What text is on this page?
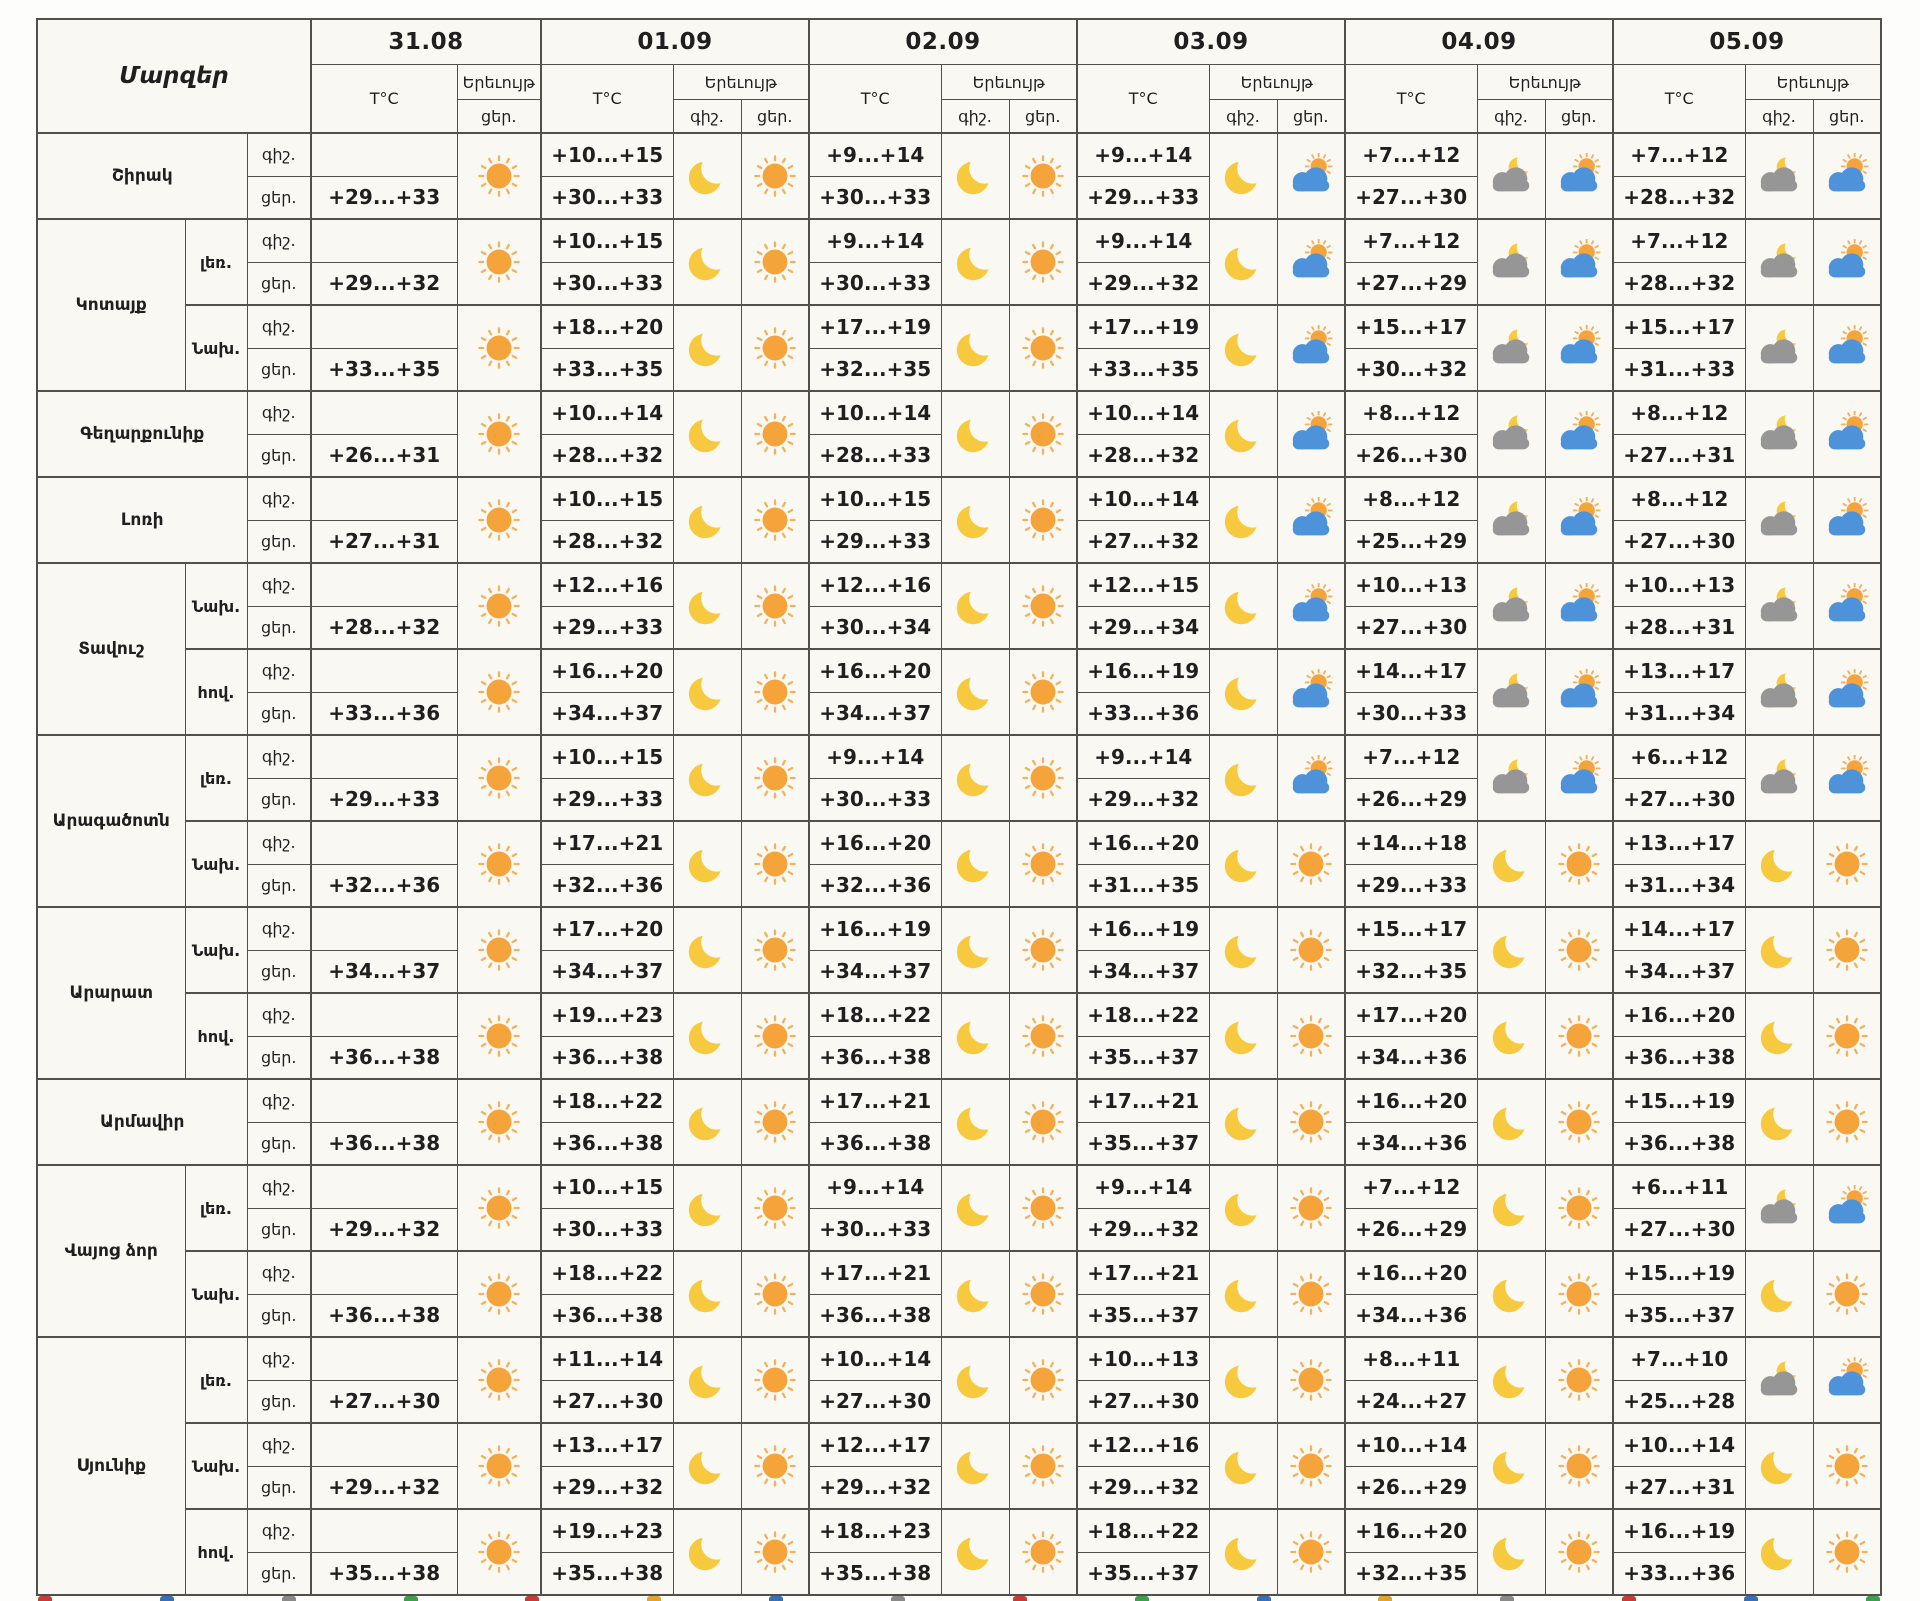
Մարզեր			31.08		01.09			02.09			03.09			04.09			05.09		
			T°C	Երեւույթ	T°C	Երեւույթ		T°C	Երեւույթ		T°C	Երեւույթ		T°C	Երեւույթ		T°C	Երեւույթ	
				ցեր.		գիշ.	ցեր.		գիշ.	ցեր.		գիշ.	ցեր.		գիշ.	ցեր.		գիշ.	ցեր.
Շիրակ		գիշ.			+10...+15			+9...+14			+9...+14			+7...+12			+7...+12	

		ցեր.	+29...+33		+30...+33			+30...+33			+29...+33			+27...+30			+28...+32		
Կոտայք	լեռ.	գիշ.			+10...+15			+9...+14			+9...+14			+7...+12			+7...+12	

		ցեր.	+29...+32		+30...+33			+30...+33			+29...+32			+27...+29			+28...+32		
	Նախ.	գիշ.			+18...+20			+17...+19			+17...+19			+15...+17			+15...+17	

		ցեր.	+33...+35		+33...+35			+32...+35			+33...+35			+30...+32			+31...+33		
Գեղարքունիք		գիշ.			+10...+14			+10...+14			+10...+14			+8...+12			+8...+12	

		ցեր.	+26...+31		+28...+32			+28...+33			+28...+32			+26...+30			+27...+31		
Լոռի		գիշ.			+10...+15			+10...+15			+10...+14			+8...+12			+8...+12	

		ցեր.	+27...+31		+28...+32			+29...+33			+27...+32			+25...+29			+27...+30		
Տավուշ	Նախ.	գիշ.			+12...+16			+12...+16			+12...+15			+10...+13			+10...+13	

		ցեր.	+28...+32		+29...+33			+30...+34			+29...+34			+27...+30			+28...+31		
	հով.	գիշ.			+16...+20			+16...+20			+16...+19			+14...+17			+13...+17	

		ցեր.	+33...+36		+34...+37			+34...+37			+33...+36			+30...+33			+31...+34		
Արագածոտն	լեռ.	գիշ.			+10...+15			+9...+14			+9...+14			+7...+12			+6...+12	

		ցեր.	+29...+33		+29...+33			+30...+33			+29...+32			+26...+29			+27...+30		
	Նախ.	գիշ.			+17...+21			+16...+20			+16...+20			+14...+18			+13...+17	

		ցեր.	+32...+36		+32...+36			+32...+36			+31...+35			+29...+33			+31...+34		
Արարատ	Նախ.	գիշ.			+17...+20			+16...+19			+16...+19			+15...+17			+14...+17	

		ցեր.	+34...+37		+34...+37			+34...+37			+34...+37			+32...+35			+34...+37		
	հով.	գիշ.			+19...+23			+18...+22			+18...+22			+17...+20			+16...+20	

		ցեր.	+36...+38		+36...+38			+36...+38			+35...+37			+34...+36			+36...+38		
Արմավիր		գիշ.			+18...+22			+17...+21			+17...+21			+16...+20			+15...+19	

		ցեր.	+36...+38		+36...+38			+36...+38			+35...+37			+34...+36			+36...+38		
Վայոց ձոր	լեռ.	գիշ.			+10...+15			+9...+14			+9...+14			+7...+12			+6...+11	

		ցեր.	+29...+32		+30...+33			+30...+33			+29...+32			+26...+29			+27...+30		
	Նախ.	գիշ.			+18...+22			+17...+21			+17...+21			+16...+20			+15...+19	

		ցեր.	+36...+38		+36...+38			+36...+38			+35...+37			+34...+36			+35...+37		
Սյունիք	լեռ.	գիշ.			+11...+14			+10...+14			+10...+13			+8...+11			+7...+10	

		ցեր.	+27...+30		+27...+30			+27...+30			+27...+30			+24...+27			+25...+28		
	Նախ.	գիշ.			+13...+17			+12...+17			+12...+16			+10...+14			+10...+14	

		ցեր.	+29...+32		+29...+32			+29...+32			+29...+32			+26...+29			+27...+31		
	հով.	գիշ.			+19...+23			+18...+23			+18...+22			+16...+20			+16...+19	

		ցեր.	+35...+38		+35...+38			+35...+38			+35...+37			+32...+35			+33...+36		
